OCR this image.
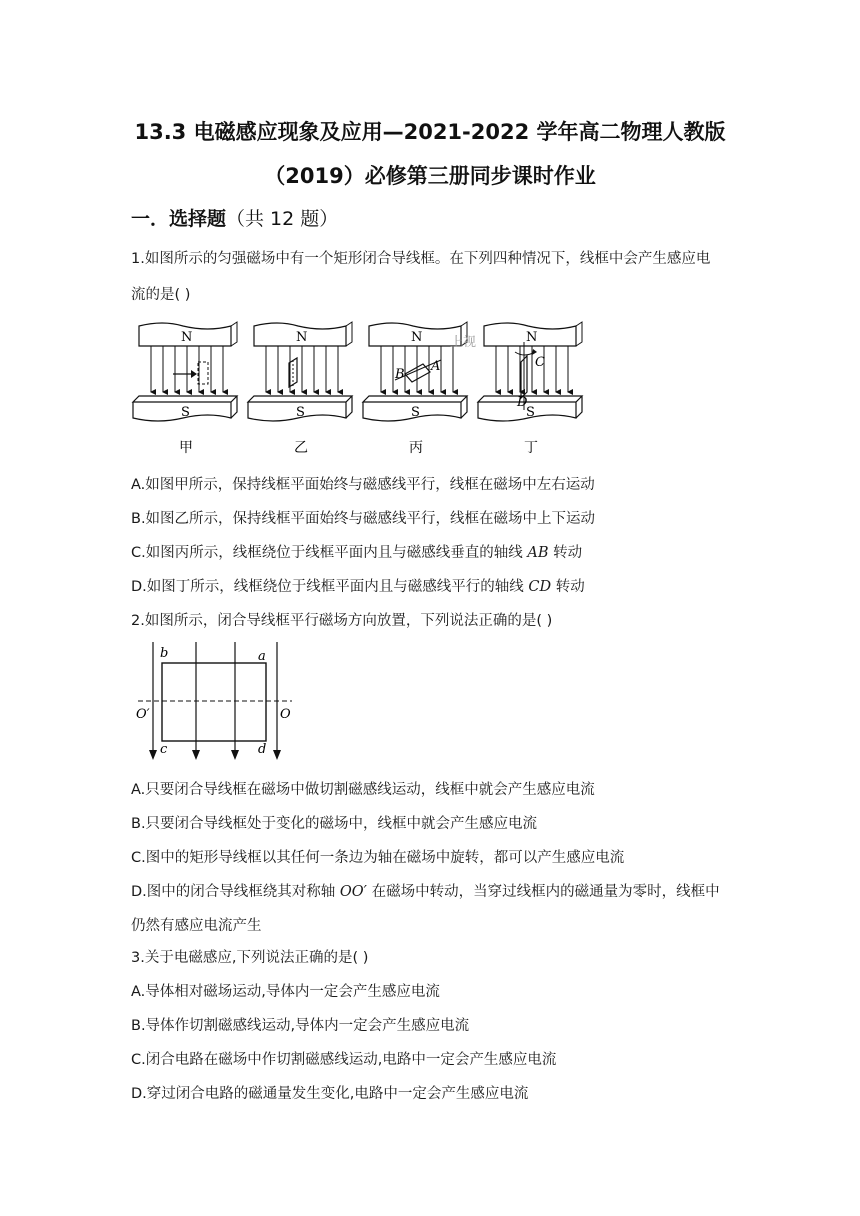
13.3 电磁感应现象及应用—2021-2022 学年高二物理人教版
（2019）必修第三册同步课时作业
一．选择题（共 12 题）
1.如图所示的匀强磁场中有一个矩形闭合导线框。在下列四种情况下，线框中会产生感应电
流的是( )
N
S
甲
N
S
乙
N
S
丙
N
S
丁
B
A
上视
C
D
A.如图甲所示，保持线框平面始终与磁感线平行，线框在磁场中左右运动
B.如图乙所示，保持线框平面始终与磁感线平行，线框在磁场中上下运动
C.如图丙所示，线框绕位于线框平面内且与磁感线垂直的轴线 AB 转动
D.如图丁所示，线框绕位于线框平面内且与磁感线平行的轴线 CD 转动
2.如图所示，闭合导线框平行磁场方向放置，下列说法正确的是( )
b	a
c	d
O′	O
A.只要闭合导线框在磁场中做切割磁感线运动，线框中就会产生感应电流
B.只要闭合导线框处于变化的磁场中，线框中就会产生感应电流
C.图中的矩形导线框以其任何一条边为轴在磁场中旋转，都可以产生感应电流
D.图中的闭合导线框绕其对称轴 OO′ 在磁场中转动，当穿过线框内的磁通量为零时，线框中
仍然有感应电流产生
3.关于电磁感应,下列说法正确的是( )
A.导体相对磁场运动,导体内一定会产生感应电流
B.导体作切割磁感线运动,导体内一定会产生感应电流
C.闭合电路在磁场中作切割磁感线运动,电路中一定会产生感应电流
D.穿过闭合电路的磁通量发生变化,电路中一定会产生感应电流
